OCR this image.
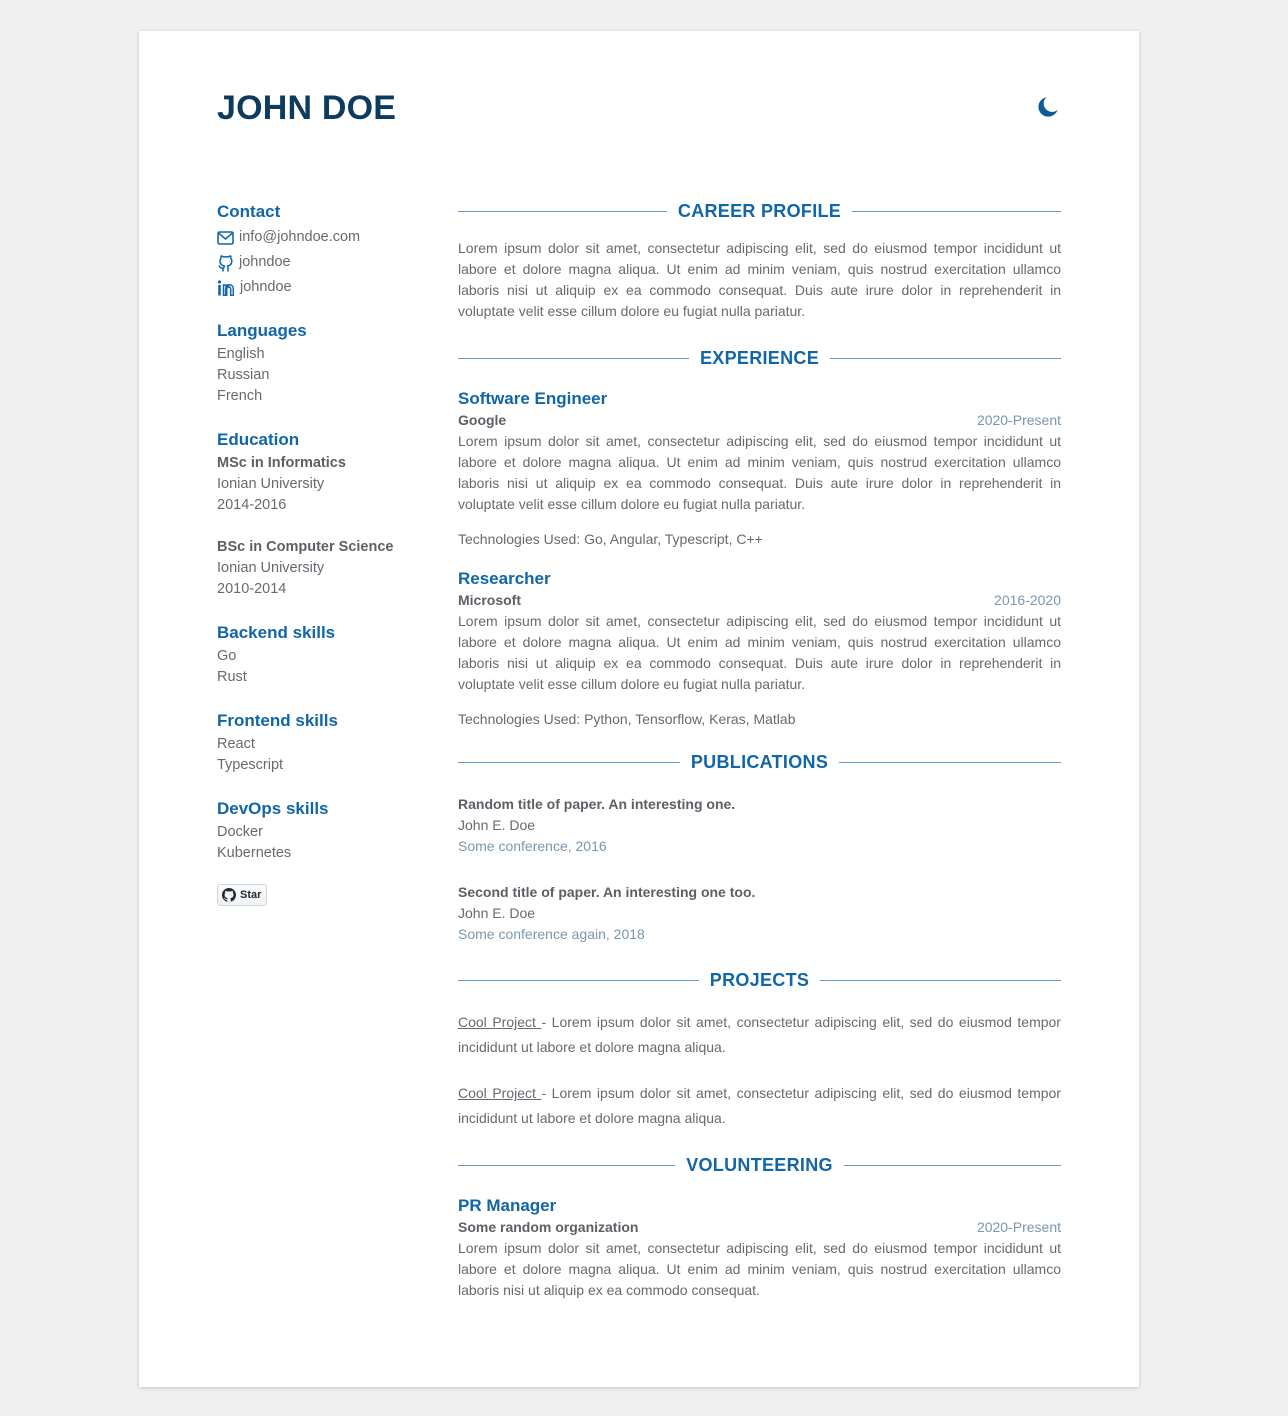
JOHN DOE
Contact
info@johndoe.com
johndoe
johndoe
Languages
English
Russian
French
Education
MSc in Informatics
Ionian University
2014-2016
BSc in Computer Science
Ionian University
2010-2014
Backend skills
Go
Rust
Frontend skills
React
Typescript
DevOps skills
Docker
Kubernetes
Star
CAREER PROFILE

Lorem ipsum dolor sit amet, consectetur adipiscing elit, sed do eiusmod tempor incididunt ut labore et dolore magna aliqua. Ut enim ad minim veniam, quis nostrud exercitation ullamco laboris nisi ut aliquip ex ea commodo consequat. Duis aute irure dolor in reprehenderit in voluptate velit esse cillum dolore eu fugiat nulla pariatur.

EXPERIENCE
Software Engineer
Google	2020-Present

Lorem ipsum dolor sit amet, consectetur adipiscing elit, sed do eiusmod tempor incididunt ut labore et dolore magna aliqua. Ut enim ad minim veniam, quis nostrud exercitation ullamco laboris nisi ut aliquip ex ea commodo consequat. Duis aute irure dolor in reprehenderit in voluptate velit esse cillum dolore eu fugiat nulla pariatur.

Technologies Used: Go, Angular, Typescript, C++
Researcher
Microsoft	2016-2020

Lorem ipsum dolor sit amet, consectetur adipiscing elit, sed do eiusmod tempor incididunt ut labore et dolore magna aliqua. Ut enim ad minim veniam, quis nostrud exercitation ullamco laboris nisi ut aliquip ex ea commodo consequat. Duis aute irure dolor in reprehenderit in voluptate velit esse cillum dolore eu fugiat nulla pariatur.

Technologies Used: Python, Tensorflow, Keras, Matlab
PUBLICATIONS
Random title of paper. An interesting one.
John E. Doe
Some conference, 2016
Second title of paper. An interesting one too.
John E. Doe
Some conference again, 2018
PROJECTS

Cool Project - Lorem ipsum dolor sit amet, consectetur adipiscing elit, sed do eiusmod tempor incididunt ut labore et dolore magna aliqua.

Cool Project - Lorem ipsum dolor sit amet, consectetur adipiscing elit, sed do eiusmod tempor incididunt ut labore et dolore magna aliqua.

VOLUNTEERING
PR Manager
Some random organization	2020-Present

Lorem ipsum dolor sit amet, consectetur adipiscing elit, sed do eiusmod tempor incididunt ut labore et dolore magna aliqua. Ut enim ad minim veniam, quis nostrud exercitation ullamco laboris nisi ut aliquip ex ea commodo consequat.
